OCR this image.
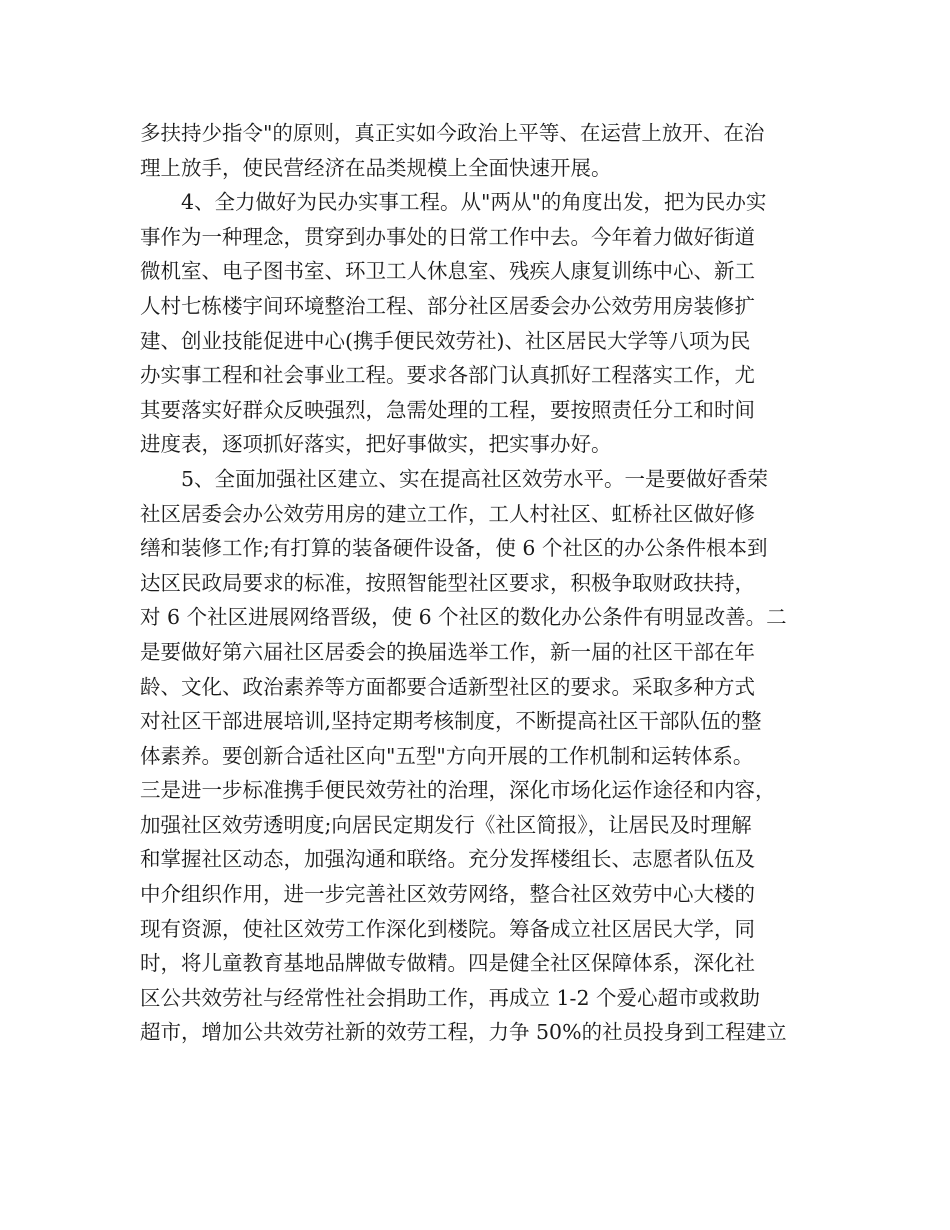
多扶持少指令"的原则，真正实如今政治上平等、在运营上放开、在治
理上放手，使民营经济在品类规模上全面快速开展。
4、全力做好为民办实事工程。从"两从"的角度出发，把为民办实
事作为一种理念，贯穿到办事处的日常工作中去。今年着力做好街道
微机室、电子图书室、环卫工人休息室、残疾人康复训练中心、新工
人村七栋楼宇间环境整治工程、部分社区居委会办公效劳用房装修扩
建、创业技能促进中心(携手便民效劳社)、社区居民大学等八项为民
办实事工程和社会事业工程。要求各部门认真抓好工程落实工作，尤
其要落实好群众反映强烈，急需处理的工程，要按照责任分工和时间
进度表，逐项抓好落实，把好事做实，把实事办好。
5、全面加强社区建立、实在提高社区效劳水平。一是要做好香荣
社区居委会办公效劳用房的建立工作，工人村社区、虹桥社区做好修
缮和装修工作;有打算的装备硬件设备，使 6 个社区的办公条件根本到
达区民政局要求的标准，按照智能型社区要求，积极争取财政扶持，
对 6 个社区进展网络晋级，使 6 个社区的数化办公条件有明显改善。二
是要做好第六届社区居委会的换届选举工作，新一届的社区干部在年
龄、文化、政治素养等方面都要合适新型社区的要求。采取多种方式
对社区干部进展培训,坚持定期考核制度，不断提高社区干部队伍的整
体素养。要创新合适社区向"五型"方向开展的工作机制和运转体系。
三是进一步标准携手便民效劳社的治理，深化市场化运作途径和内容，
加强社区效劳透明度;向居民定期发行《社区简报》，让居民及时理解
和掌握社区动态，加强沟通和联络。充分发挥楼组长、志愿者队伍及
中介组织作用，进一步完善社区效劳网络，整合社区效劳中心大楼的
现有资源，使社区效劳工作深化到楼院。筹备成立社区居民大学，同
时，将儿童教育基地品牌做专做精。四是健全社区保障体系，深化社
区公共效劳社与经常性社会捐助工作，再成立 1-2 个爱心超市或救助
超市，增加公共效劳社新的效劳工程，力争 50%的社员投身到工程建立
